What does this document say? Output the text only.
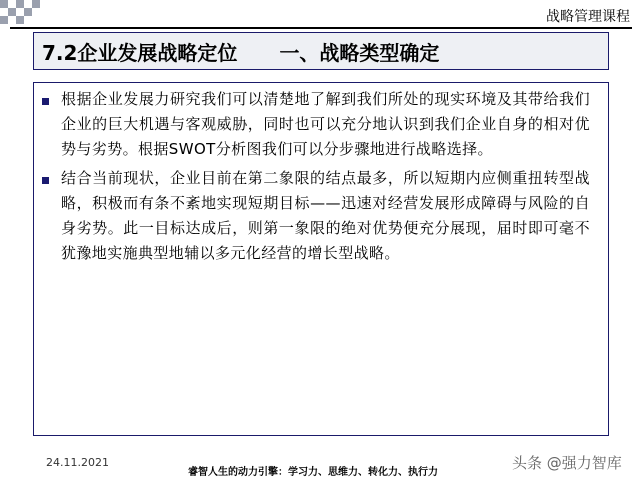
战略管理课程
7.2企业发展战略定位 一、战略类型确定
根据企业发展力研究我们可以清楚地了解到我们所处的现实环境及其带给我们企业的巨大机遇与客观威胁，同时也可以充分地认识到我们企业自身的相对优势与劣势。根据SWOT分析图我们可以分步骤地进行战略选择。
结合当前现状，企业目前在第二象限的结点最多，所以短期内应侧重扭转型战略，积极而有条不紊地实现短期目标——迅速对经营发展形成障碍与风险的自身劣势。此一目标达成后，则第一象限的绝对优势便充分展现，届时即可毫不犹豫地实施典型地辅以多元化经营的增长型战略。
24.11.2021
睿智人生的动力引擎：学习力、思维力、转化力、执行力
头条 @强力智库
